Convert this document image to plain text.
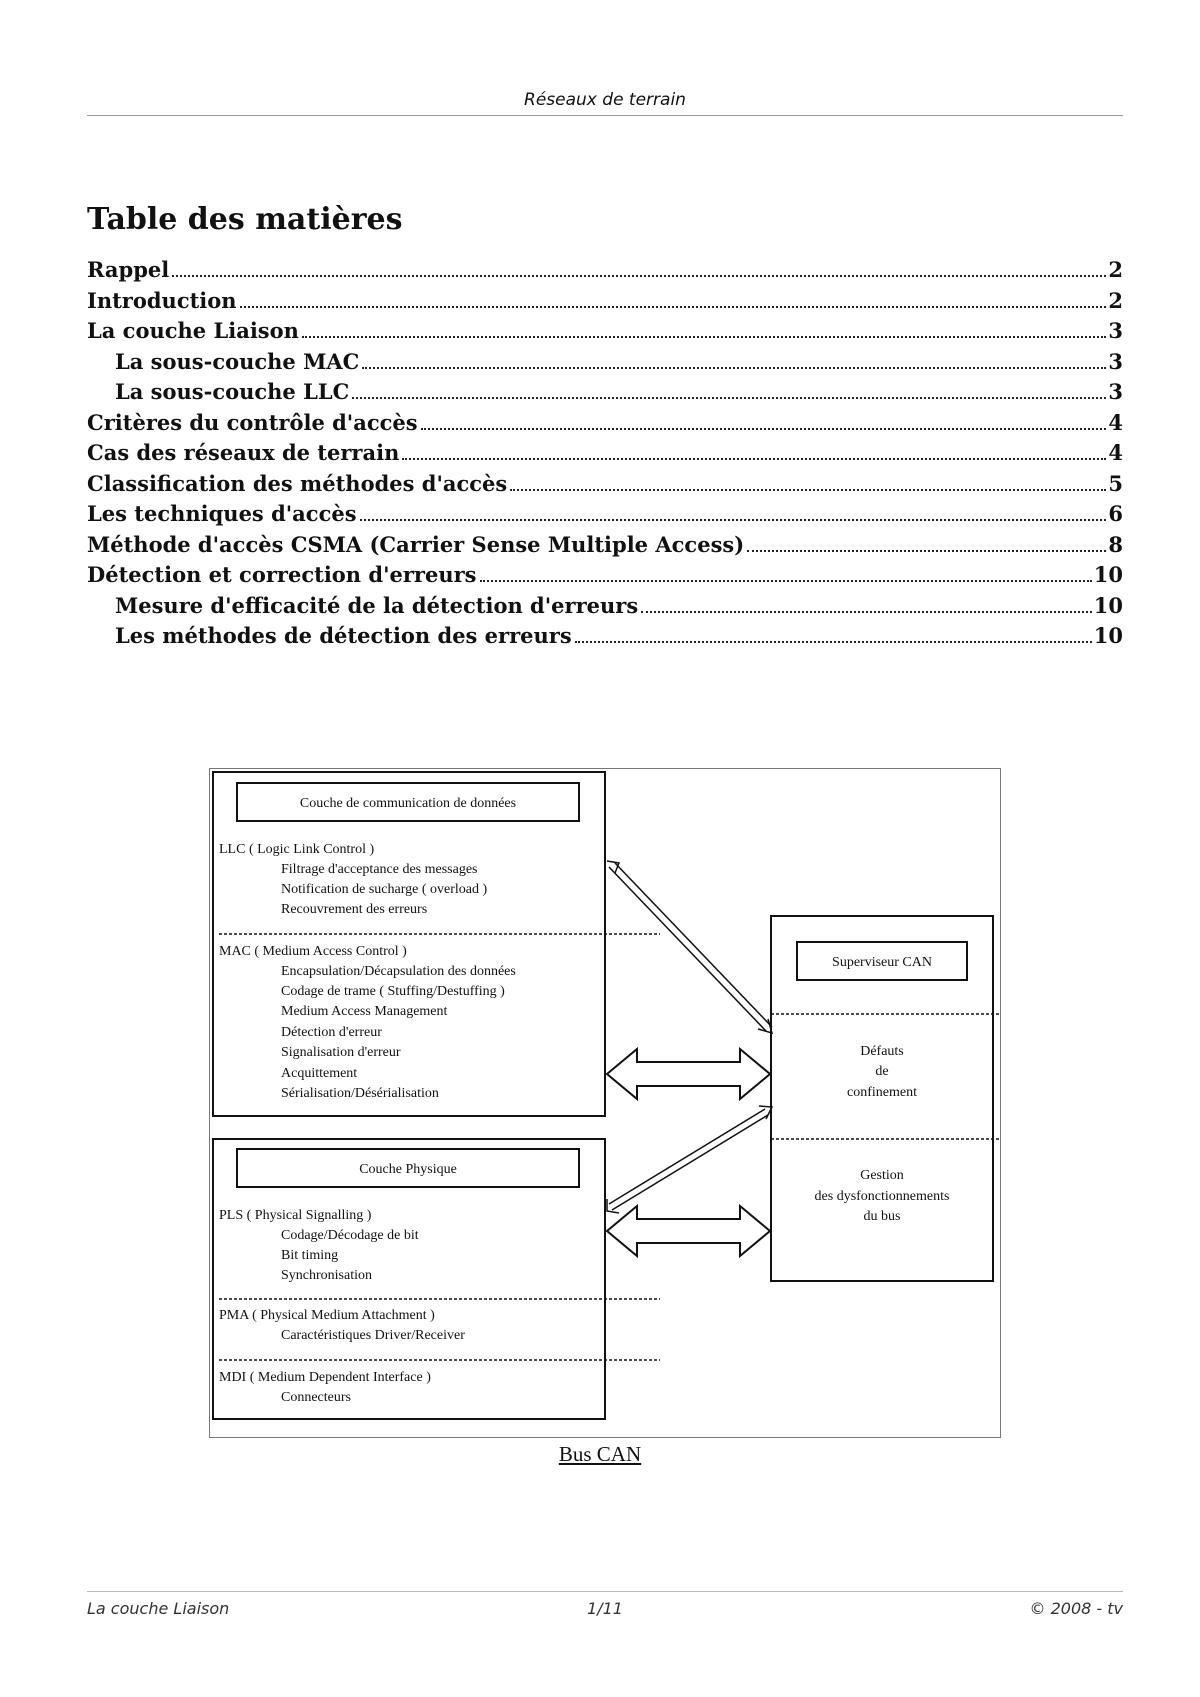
Réseaux de terrain
Table des matières
Rappel	2
Introduction	2
La couche Liaison	3
La sous-couche MAC	3
La sous-couche LLC	3
Critères du contrôle d'accès	4
Cas des réseaux de terrain	4
Classification des méthodes d'accès	5
Les techniques d'accès	6
Méthode d'accès CSMA (Carrier Sense Multiple Access)	8
Détection et correction d'erreurs	10
Mesure d'efficacité de la détection d'erreurs	10
Les méthodes de détection des erreurs	10
Couche de communication de données
LLC ( Logic Link Control )
Filtrage d'acceptance des messages
Notification de sucharge ( overload )
Recouvrement des erreurs
MAC ( Medium Access Control )
Encapsulation/Décapsulation des données
Codage de trame ( Stuffing/Destuffing )
Medium Access Management
Détection d'erreur
Signalisation d'erreur
Acquittement
Sérialisation/Désérialisation
Couche Physique
PLS ( Physical Signalling )
Codage/Décodage de bit
Bit timing
Synchronisation
PMA ( Physical Medium Attachment )
Caractéristiques Driver/Receiver
MDI ( Medium Dependent Interface )
Connecteurs
Superviseur CAN
Défauts
de
confinement
Gestion
des dysfonctionnements
du bus
Bus CAN
La couche Liaison	1/11	© 2008 - tv
